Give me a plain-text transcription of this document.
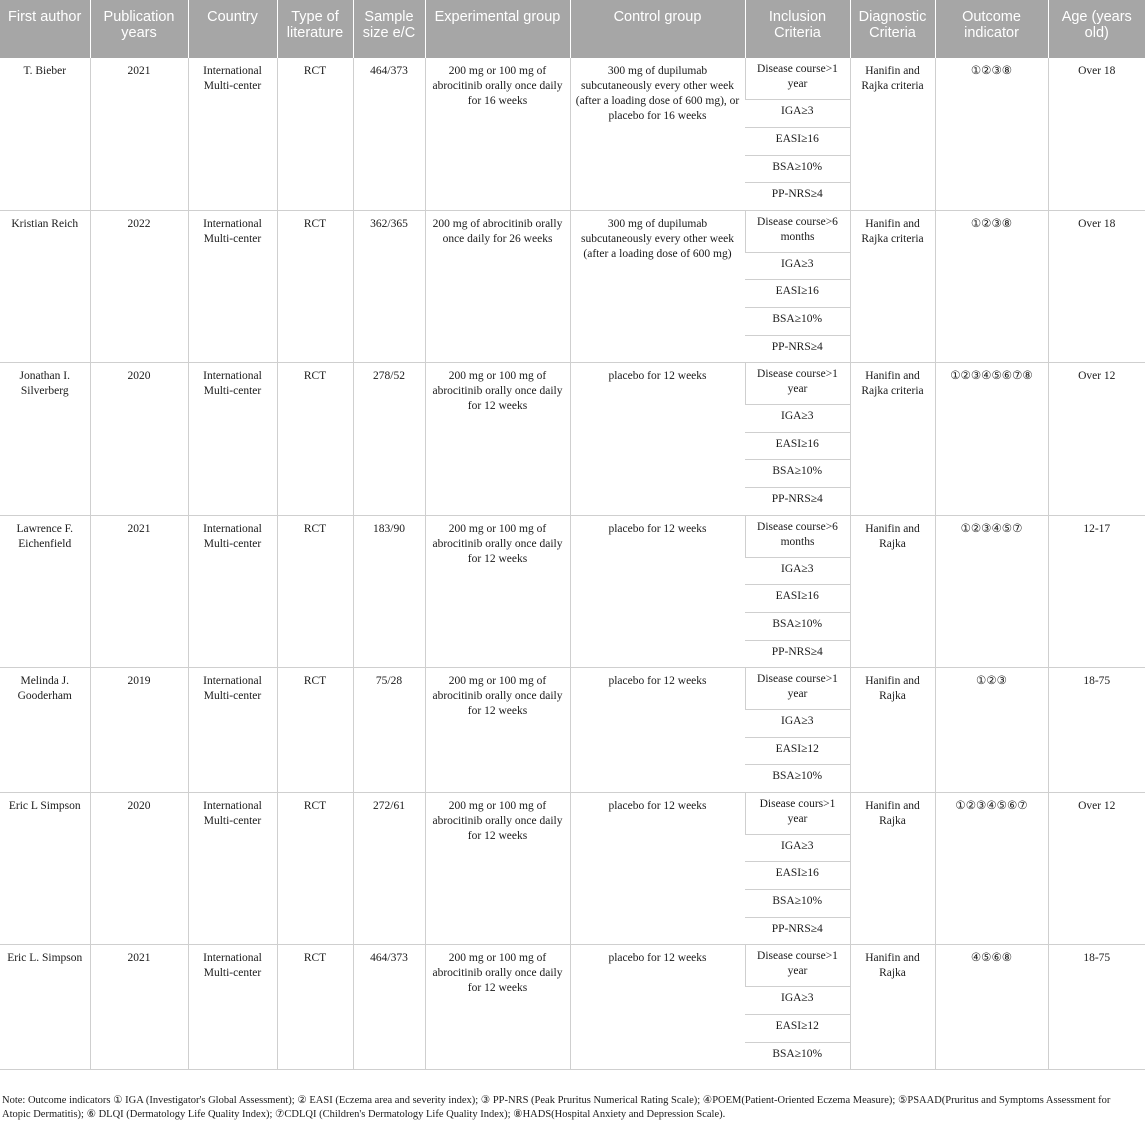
First author	Publication years	Country	Type of literature	Sample size e/C	Experimental group	Control group	Inclusion Criteria	Diagnostic Criteria	Outcome indicator	Age (years old)
T. Bieber	2021	International Multi-center	RCT	464/373	200 mg or 100 mg of abrocitinib orally once daily for 16 weeks	300 mg of dupilumab subcutaneously every other week (after a loading dose of 600 mg), or placebo for 16 weeks	Disease course>1 year	Hanifin and Rajka criteria	①②③⑧	Over 18
							IGA≥3			
							EASI≥16			
							BSA≥10%			
							PP-NRS≥4			
Kristian Reich	2022	International Multi-center	RCT	362/365	200 mg of abrocitinib orally once daily for 26 weeks	300 mg of dupilumab subcutaneously every other week (after a loading dose of 600 mg)	Disease course>6 months	Hanifin and Rajka criteria	①②③⑧	Over 18
							IGA≥3			
							EASI≥16			
							BSA≥10%			
							PP-NRS≥4			
Jonathan I. Silverberg	2020	International Multi-center	RCT	278/52	200 mg or 100 mg of abrocitinib orally once daily for 12 weeks	placebo for 12 weeks	Disease course>1 year	Hanifin and Rajka criteria	①②③④⑤⑥⑦⑧	Over 12
							IGA≥3			
							EASI≥16			
							BSA≥10%			
							PP-NRS≥4			
Lawrence F. Eichenfield	2021	International Multi-center	RCT	183/90	200 mg or 100 mg of abrocitinib orally once daily for 12 weeks	placebo for 12 weeks	Disease course>6 months	Hanifin and Rajka	①②③④⑤⑦	12-17
							IGA≥3			
							EASI≥16			
							BSA≥10%			
							PP-NRS≥4			
Melinda J. Gooderham	2019	International Multi-center	RCT	75/28	200 mg or 100 mg of abrocitinib orally once daily for 12 weeks	placebo for 12 weeks	Disease course>1 year	Hanifin and Rajka	①②③	18-75
							IGA≥3			
							EASI≥12			
							BSA≥10%			
Eric L Simpson	2020	International Multi-center	RCT	272/61	200 mg or 100 mg of abrocitinib orally once daily for 12 weeks	placebo for 12 weeks	Disease cours>1 year	Hanifin and Rajka	①②③④⑤⑥⑦	Over 12
							IGA≥3			
							EASI≥16			
							BSA≥10%			
							PP-NRS≥4			
Eric L. Simpson	2021	International Multi-center	RCT	464/373	200 mg or 100 mg of abrocitinib orally once daily for 12 weeks	placebo for 12 weeks	Disease course>1 year	Hanifin and Rajka	④⑤⑥⑧	18-75
							IGA≥3			
							EASI≥12			
							BSA≥10%			
Note: Outcome indicators ① IGA (Investigator's Global Assessment); ② EASI (Eczema area and severity index); ③ PP-NRS (Peak Pruritus Numerical Rating Scale); ④POEM(Patient-Oriented Eczema Measure); ⑤PSAAD(Pruritus and Symptoms Assessment for Atopic Dermatitis); ⑥ DLQI (Dermatology Life Quality Index); ⑦CDLQI (Children's Dermatology Life Quality Index); ⑧HADS(Hospital Anxiety and Depression Scale).
